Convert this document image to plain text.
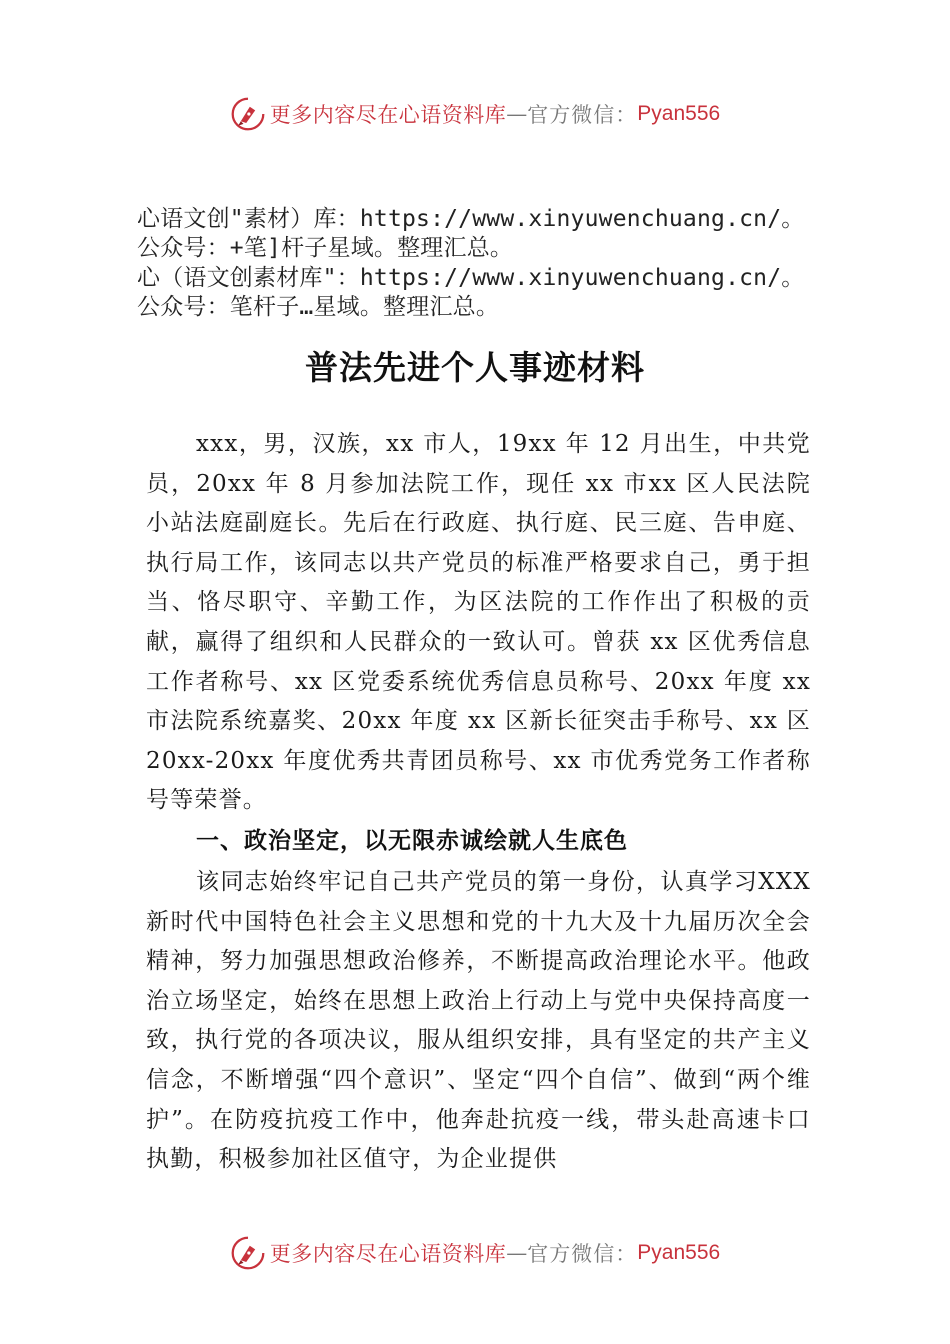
更多内容尽在心语资料库 — 官方微信： Pyan556
心语文创"素材）库：https://www.xinyuwenchuang.cn/。公众号：+笔]杆子星域。整理汇总。
心（语文创素材库"：https://www.xinyuwenchuang.cn/。公众号：笔杆子…星域。整理汇总。
普法先进个人事迹材料
xxx，男，汉族，xx 市人，19xx 年 12 月出生，中共党员，20xx 年 8 月参加法院工作，现任 xx 市xx 区人民法院小站法庭副庭长。先后在行政庭、执行庭、民三庭、告申庭、执行局工作，该同志以共产党员的标准严格要求自己，勇于担当、恪尽职守、辛勤工作，为区法院的工作作出了积极的贡献，赢得了组织和人民群众的一致认可。曾获 xx 区优秀信息工作者称号、xx 区党委系统优秀信息员称号、20xx 年度 xx 市法院系统嘉奖、20xx 年度 xx 区新长征突击手称号、xx 区 20xx-20xx 年度优秀共青团员称号、xx 市优秀党务工作者称号等荣誉。
一、政治坚定，以无限赤诚绘就人生底色
该同志始终牢记自己共产党员的第一身份，认真学习XXX 新时代中国特色社会主义思想和党的十九大及十九届历次全会精神，努力加强思想政治修养，不断提高政治理论水平。他政治立场坚定，始终在思想上政治上行动上与党中央保持高度一致，执行党的各项决议，服从组织安排，具有坚定的共产主义信念，不断增强“四个意识”、坚定“四个自信”、做到“两个维护”。在防疫抗疫工作中，他奔赴抗疫一线，带头赴高速卡口执勤，积极参加社区值守，为企业提供
更多内容尽在心语资料库 — 官方微信： Pyan556
